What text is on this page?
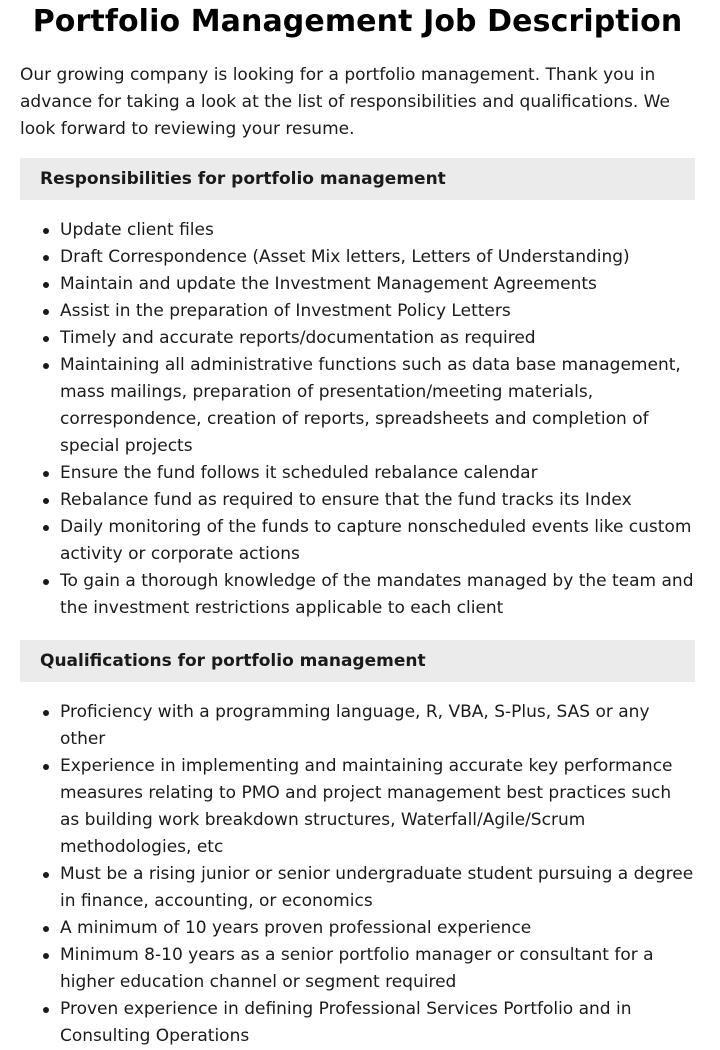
Portfolio Management Job Description

Our growing company is looking for a portfolio management. Thank you in advance for taking a look at the list of responsibilities and qualifications. We look forward to reviewing your resume.

Responsibilities for portfolio management
Update client files
Draft Correspondence (Asset Mix letters, Letters of Understanding)
Maintain and update the Investment Management Agreements
Assist in the preparation of Investment Policy Letters
Timely and accurate reports/documentation as required
Maintaining all administrative functions such as data base management, mass mailings, preparation of presentation/meeting materials, correspondence, creation of reports, spreadsheets and completion of special projects
Ensure the fund follows it scheduled rebalance calendar
Rebalance fund as required to ensure that the fund tracks its Index
Daily monitoring of the funds to capture nonscheduled events like custom activity or corporate actions
To gain a thorough knowledge of the mandates managed by the team and the investment restrictions applicable to each client
Qualifications for portfolio management
Proficiency with a programming language, R, VBA, S-Plus, SAS or any other
Experience in implementing and maintaining accurate key performance measures relating to PMO and project management best practices such as building work breakdown structures, Waterfall/Agile/Scrum methodologies, etc
Must be a rising junior or senior undergraduate student pursuing a degree in finance, accounting, or economics
A minimum of 10 years proven professional experience
Minimum 8-10 years as a senior portfolio manager or consultant for a higher education channel or segment required
Proven experience in defining Professional Services Portfolio and in Consulting Operations
